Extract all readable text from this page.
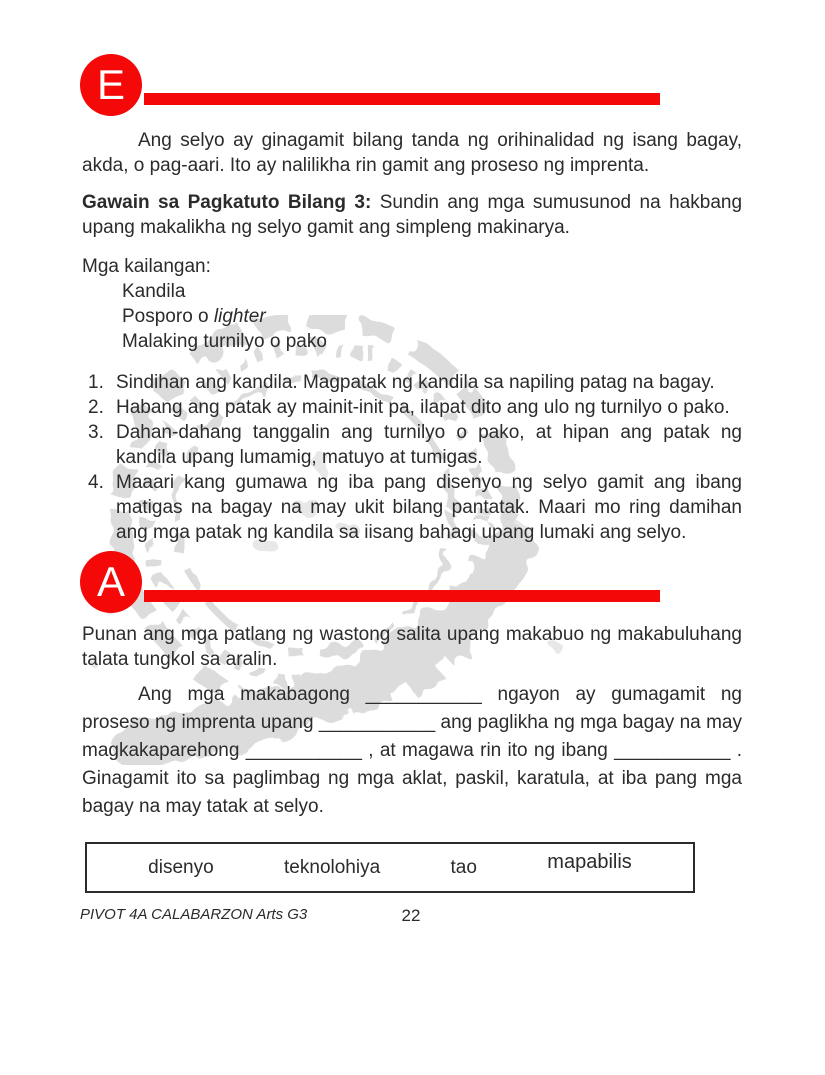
E

Ang selyo ay ginagamit bilang tanda ng orihinalidad ng isang bagay, akda, o pag-aari. Ito ay nalilikha rin gamit ang proseso ng imprenta.

Gawain sa Pagkatuto Bilang 3: Sundin ang mga sumusunod na hakbang upang makalikha ng selyo gamit ang simpleng makinarya.

Mga kailangan:
Kandila
Posporo o lighter
Malaking turnilyo o pako
Sindihan ang kandila. Magpatak ng kandila sa napiling patag na bagay.
Habang ang patak ay mainit-init pa, ilapat dito ang ulo ng turnilyo o pako.
Dahan-dahang tanggalin ang turnilyo o pako, at hipan ang patak ng kandila upang lumamig, matuyo at tumigas.
Maaari kang gumawa ng iba pang disenyo ng selyo gamit ang ibang matigas na bagay na may ukit bilang pantatak. Maari mo ring damihan ang mga patak ng kandila sa iisang bahagi upang lumaki ang selyo.
A

Punan ang mga patlang ng wastong salita upang makabuo ng makabuluhang talata tungkol sa aralin.

Ang mga makabagong ___________ ngayon ay gumagamit ng proseso ng imprenta upang ___________ ang paglikha ng mga bagay na may magkakaparehong ___________ , at magawa rin ito ng ibang ___________ . Ginagamit ito sa paglimbag ng mga aklat, paskil, karatula, at iba pang mga bagay na may tatak at selyo.

disenyo	teknolohiya	tao	mapabilis
PIVOT 4A CALABARZON Arts G3	22
